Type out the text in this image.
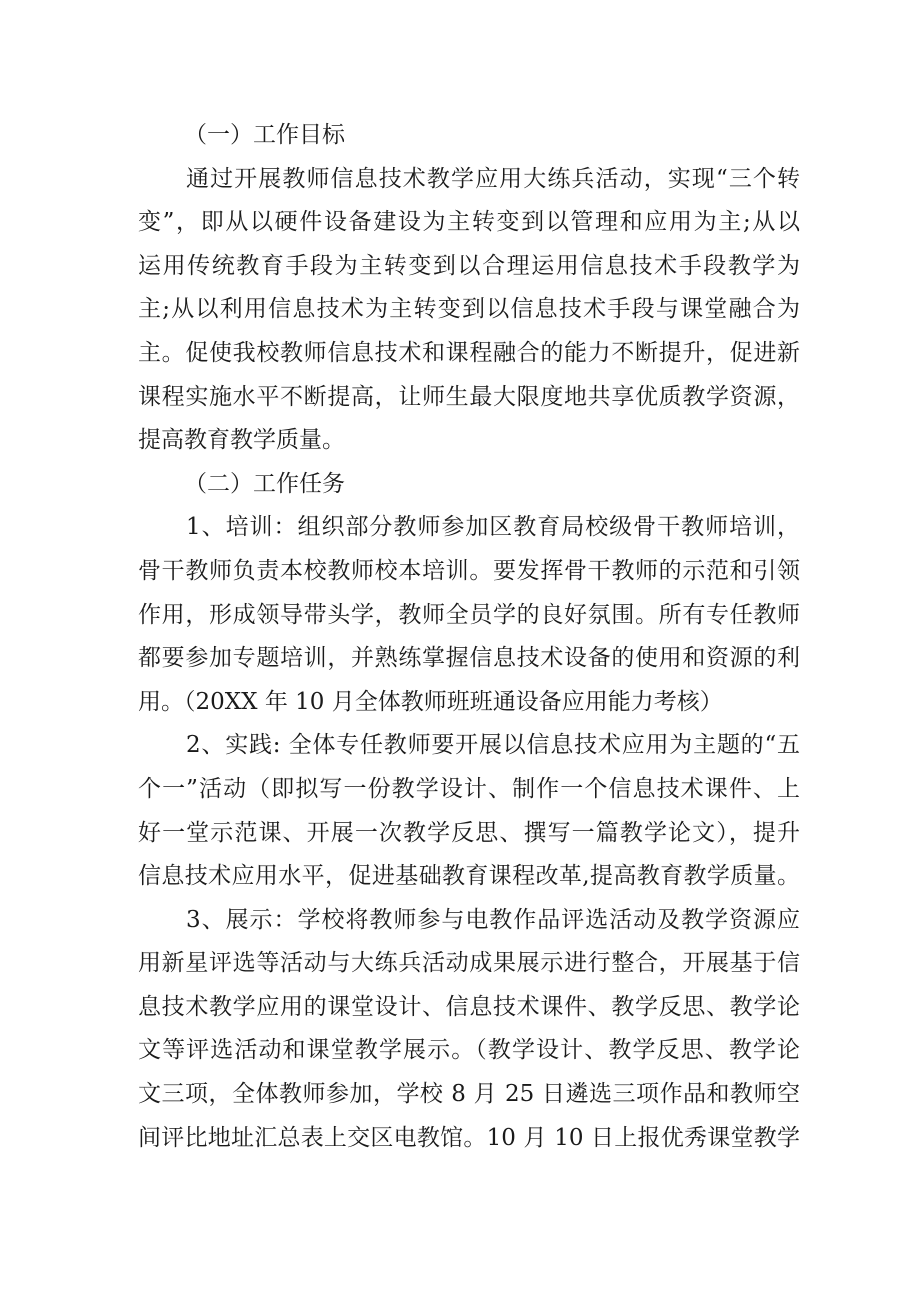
（一）工作目标
通过开展教师信息技术教学应用大练兵活动，实现“三个转
变”，即从以硬件设备建设为主转变到以管理和应用为主;从以
运用传统教育手段为主转变到以合理运用信息技术手段教学为
主;从以利用信息技术为主转变到以信息技术手段与课堂融合为
主。促使我校教师信息技术和课程融合的能力不断提升，促进新
课程实施水平不断提高，让师生最大限度地共享优质教学资源，
提高教育教学质量。
（二）工作任务
1、培训：组织部分教师参加区教育局校级骨干教师培训，
骨干教师负责本校教师校本培训。要发挥骨干教师的示范和引领
作用，形成领导带头学，教师全员学的良好氛围。所有专任教师
都要参加专题培训，并熟练掌握信息技术设备的使用和资源的利
用。（20XX 年 10 月全体教师班班通设备应用能力考核）
2、实践: 全体专任教师要开展以信息技术应用为主题的“五
个一”活动（即拟写一份教学设计、制作一个信息技术课件、上
好一堂示范课、开展一次教学反思、撰写一篇教学论文），提升
信息技术应用水平，促进基础教育课程改革,提高教育教学质量。
3、展示：学校将教师参与电教作品评选活动及教学资源应
用新星评选等活动与大练兵活动成果展示进行整合，开展基于信
息技术教学应用的课堂设计、信息技术课件、教学反思、教学论
文等评选活动和课堂教学展示。（教学设计、教学反思、教学论
文三项，全体教师参加，学校 8 月 25 日遴选三项作品和教师空
间评比地址汇总表上交区电教馆。10 月 10 日上报优秀课堂教学
